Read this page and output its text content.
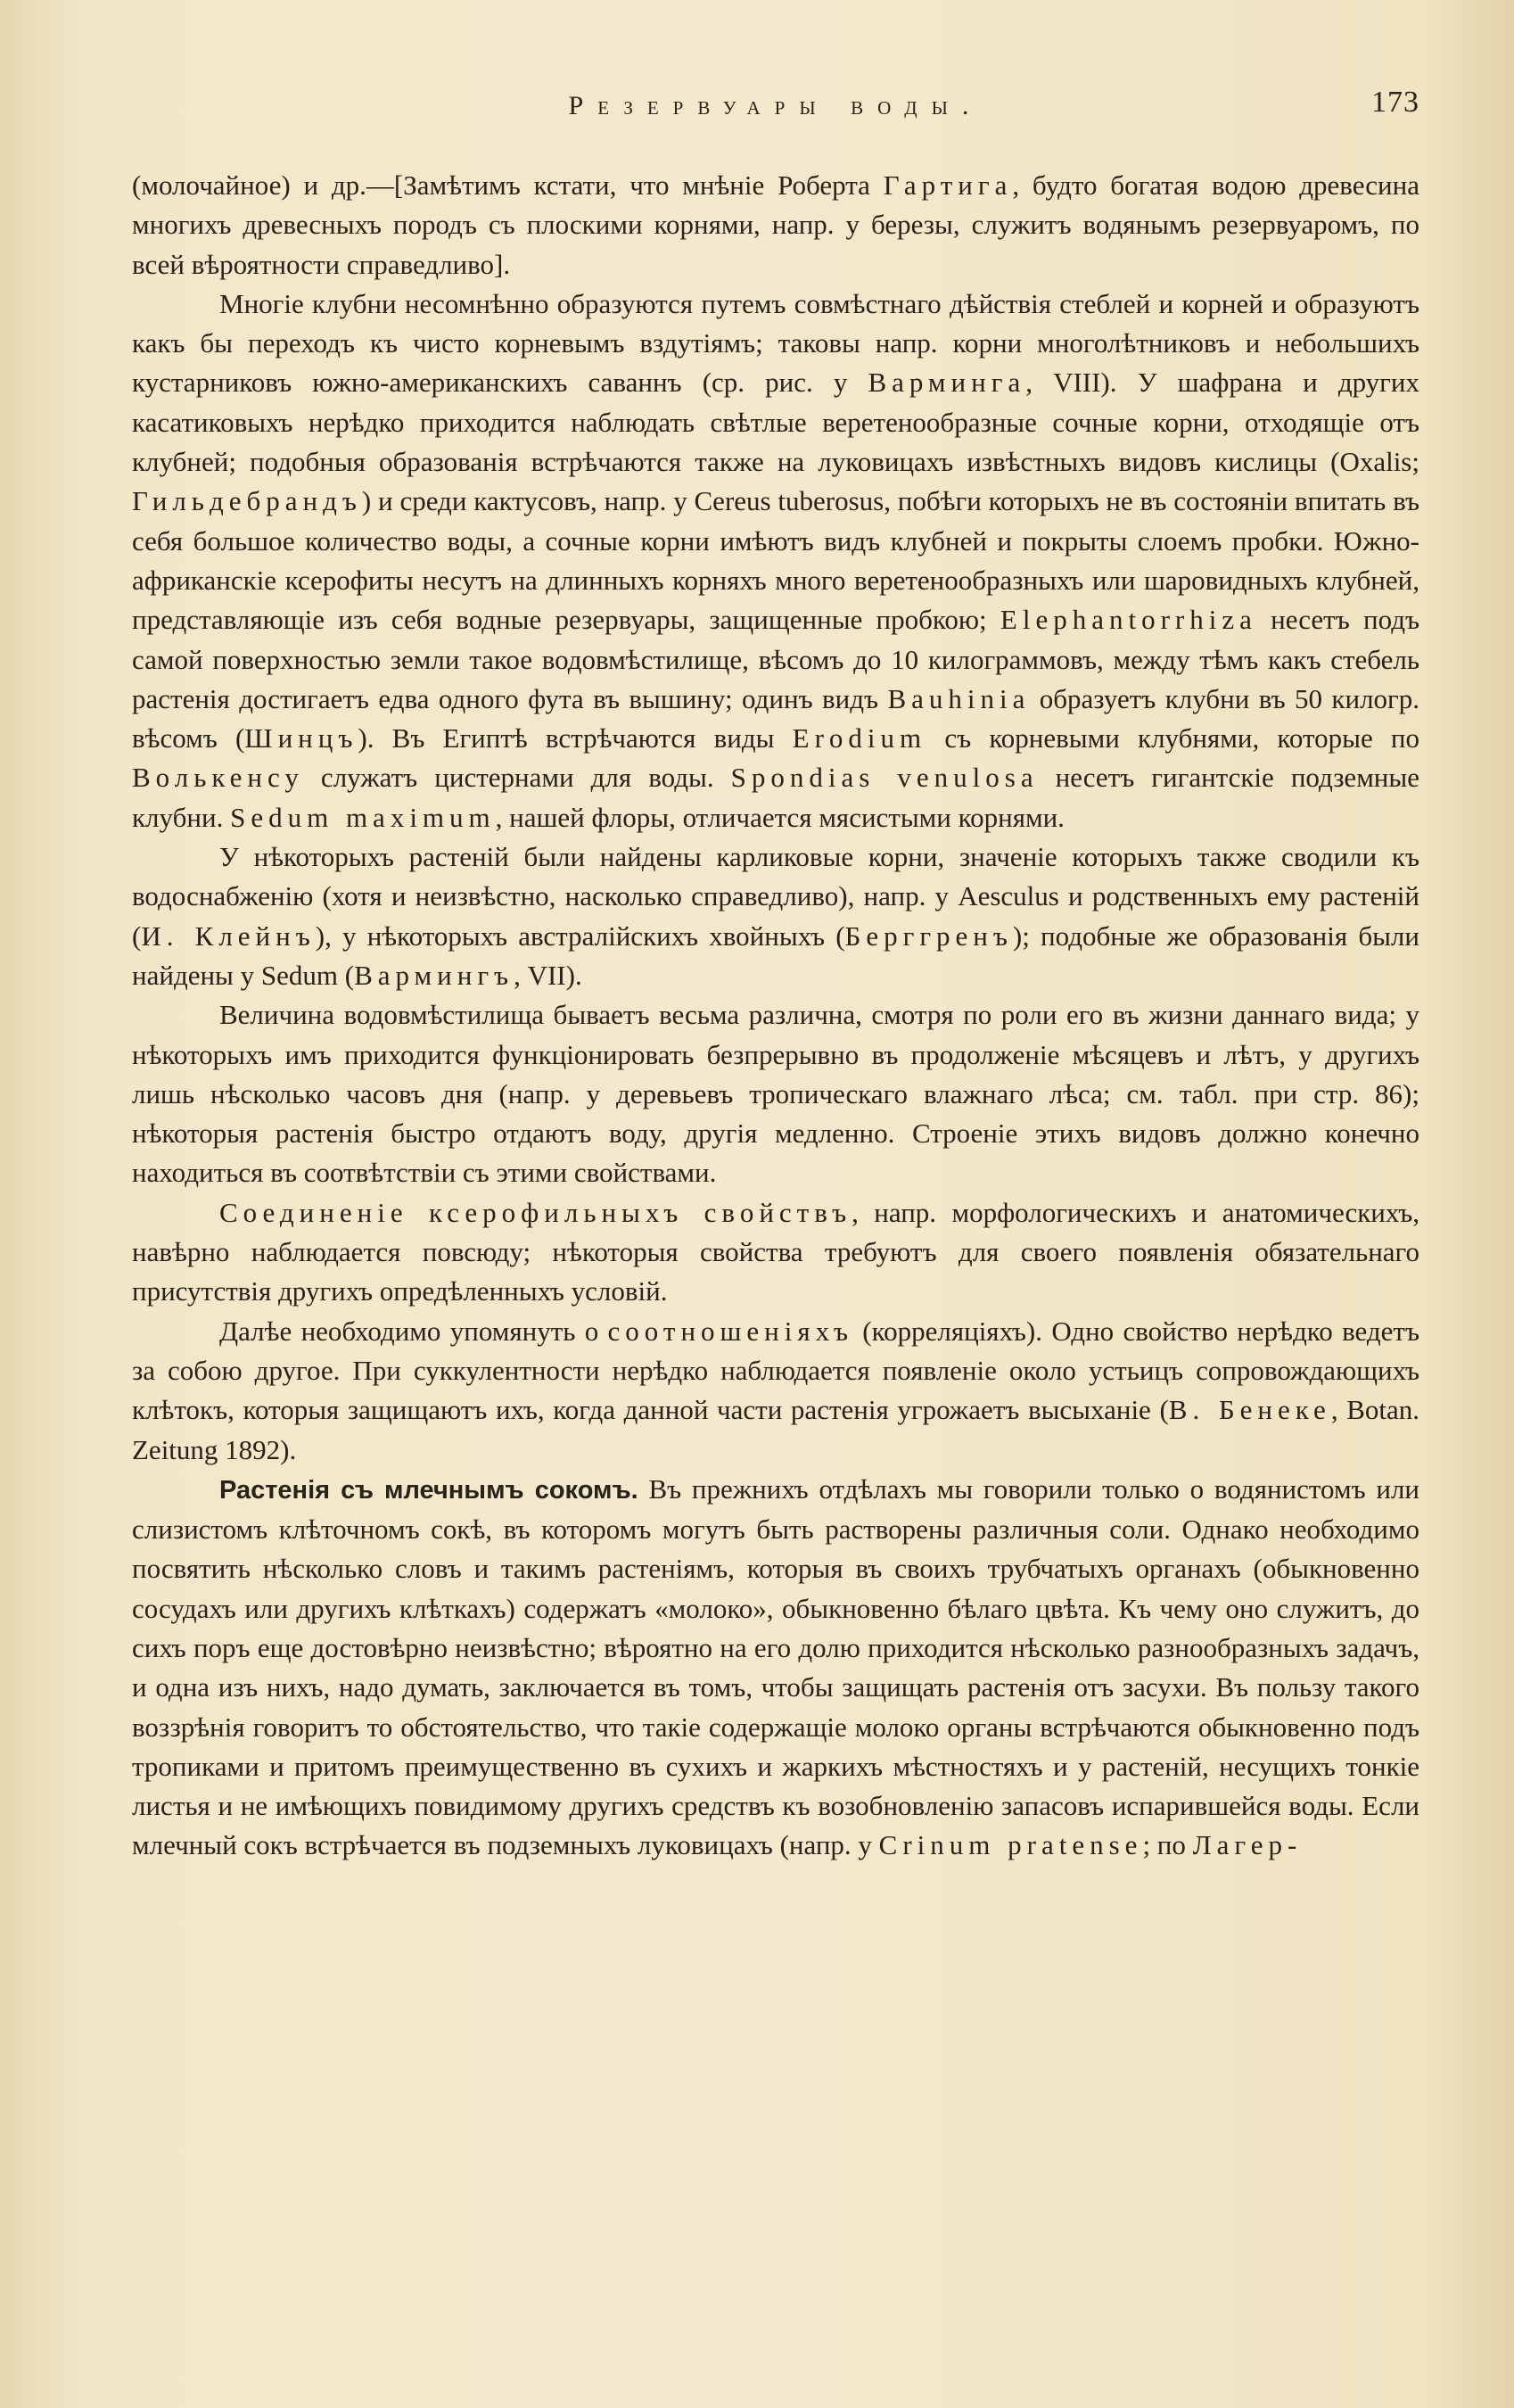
Резервуары воды.	173

(молочайное) и др.—[Замѣтимъ кстати, что мнѣніе Роберта Гартига, будто богатая водою древесина многихъ древесныхъ породъ съ плоскими корнями, напр. у березы, служитъ водянымъ резервуаромъ, по всей вѣроятности справедливо].

Многіе клубни несомнѣнно образуются путемъ совмѣстнаго дѣйствія стеблей и корней и образуютъ какъ бы переходъ къ чисто корневымъ вздутіямъ; таковы напр. корни многолѣтниковъ и небольшихъ кустарниковъ южно-американскихъ саваннъ (ср. рис. у Варминга, VIII). У шафрана и других касатиковыхъ нерѣдко приходится наблюдать свѣтлые веретенообразные сочные корни, отходящіе отъ клубней; подобныя образованія встрѣчаются также на луковицахъ извѣстныхъ видовъ кислицы (Oxalis; Гильдебрандъ) и среди кактусовъ, напр. у Cereus tuberosus, побѣги которыхъ не въ состояніи впитать въ себя большое количество воды, а сочные корни имѣютъ видъ клубней и покрыты слоемъ пробки. Южно-африканскіе ксерофиты несутъ на длинныхъ корняхъ много веретенообразныхъ или шаровидныхъ клубней, представляющіе изъ себя водные резервуары, защищенные пробкою; Elephantorrhiza несетъ подъ самой поверхностью земли такое водовмѣстилище, вѣсомъ до 10 килограммовъ, между тѣмъ какъ стебель растенія достигаетъ едва одного фута въ вышину; одинъ видъ Bauhinia образуетъ клубни въ 50 килогр. вѣсомъ (Шинцъ). Въ Египтѣ встрѣчаются виды Erodium съ корневыми клубнями, которые по Волькенсу служатъ цистернами для воды. Spondias venulosa несетъ гигантскіе подземные клубни. Sedum maximum, нашей флоры, отличается мясистыми корнями.

У нѣкоторыхъ растеній были найдены карликовые корни, значеніе которыхъ также сводили къ водоснабженію (хотя и неизвѣстно, насколько справедливо), напр. у Aesculus и родственныхъ ему растеній (И. Клейнъ), у нѣкоторыхъ австралійскихъ хвойныхъ (Берггренъ); подобные же образованія были найдены у Sedum (Вармингъ, VII).

Величина водовмѣстилища бываетъ весьма различна, смотря по роли его въ жизни даннаго вида; у нѣкоторыхъ имъ приходится функціонировать безпрерывно въ продолженіе мѣсяцевъ и лѣтъ, у другихъ лишь нѣсколько часовъ дня (напр. у деревьевъ тропическаго влажнаго лѣса; см. табл. при стр. 86); нѣкоторыя растенія быстро отдаютъ воду, другія медленно. Строеніе этихъ видовъ должно конечно находиться въ соотвѣтствіи съ этими свойствами.

Соединеніе ксерофильныхъ свойствъ, напр. морфологическихъ и анатомическихъ, навѣрно наблюдается повсюду; нѣкоторыя свойства требуютъ для своего появленія обязательнаго присутствія другихъ опредѣленныхъ условій.

Далѣе необходимо упомянуть о соотношеніяхъ (корреляціяхъ). Одно свойство нерѣдко ведетъ за собою другое. При суккулентности нерѣдко наблюдается появленіе около устьицъ сопровождающихъ клѣтокъ, которыя защищаютъ ихъ, когда данной части растенія угрожаетъ высыханіе (В. Бенеке, Botan. Zeitung 1892).

Растенія съ млечнымъ сокомъ. Въ прежнихъ отдѣлахъ мы говорили только о водянистомъ или слизистомъ клѣточномъ сокѣ, въ которомъ могутъ быть растворены различныя соли. Однако необходимо посвятить нѣсколько словъ и такимъ растеніямъ, которыя въ своихъ трубчатыхъ органахъ (обыкновенно сосудахъ или другихъ клѣткахъ) содержатъ «молоко», обыкновенно бѣлаго цвѣта. Къ чему оно служитъ, до сихъ поръ еще достовѣрно неизвѣстно; вѣроятно на его долю приходится нѣсколько разнообразныхъ задачъ, и одна изъ нихъ, надо думать, заключается въ томъ, чтобы защищать растенія отъ засухи. Въ пользу такого воззрѣнія говоритъ то обстоятельство, что такіе содержащіе молоко органы встрѣчаются обыкновенно подъ тропиками и притомъ преимущественно въ сухихъ и жаркихъ мѣстностяхъ и у растеній, несущихъ тонкіе листья и не имѣющихъ повидимому другихъ средствъ къ возобновленію запасовъ испарившейся воды. Если млечный сокъ встрѣчается въ подземныхъ луковицахъ (напр. у Crinum pratense; по Лагер-
